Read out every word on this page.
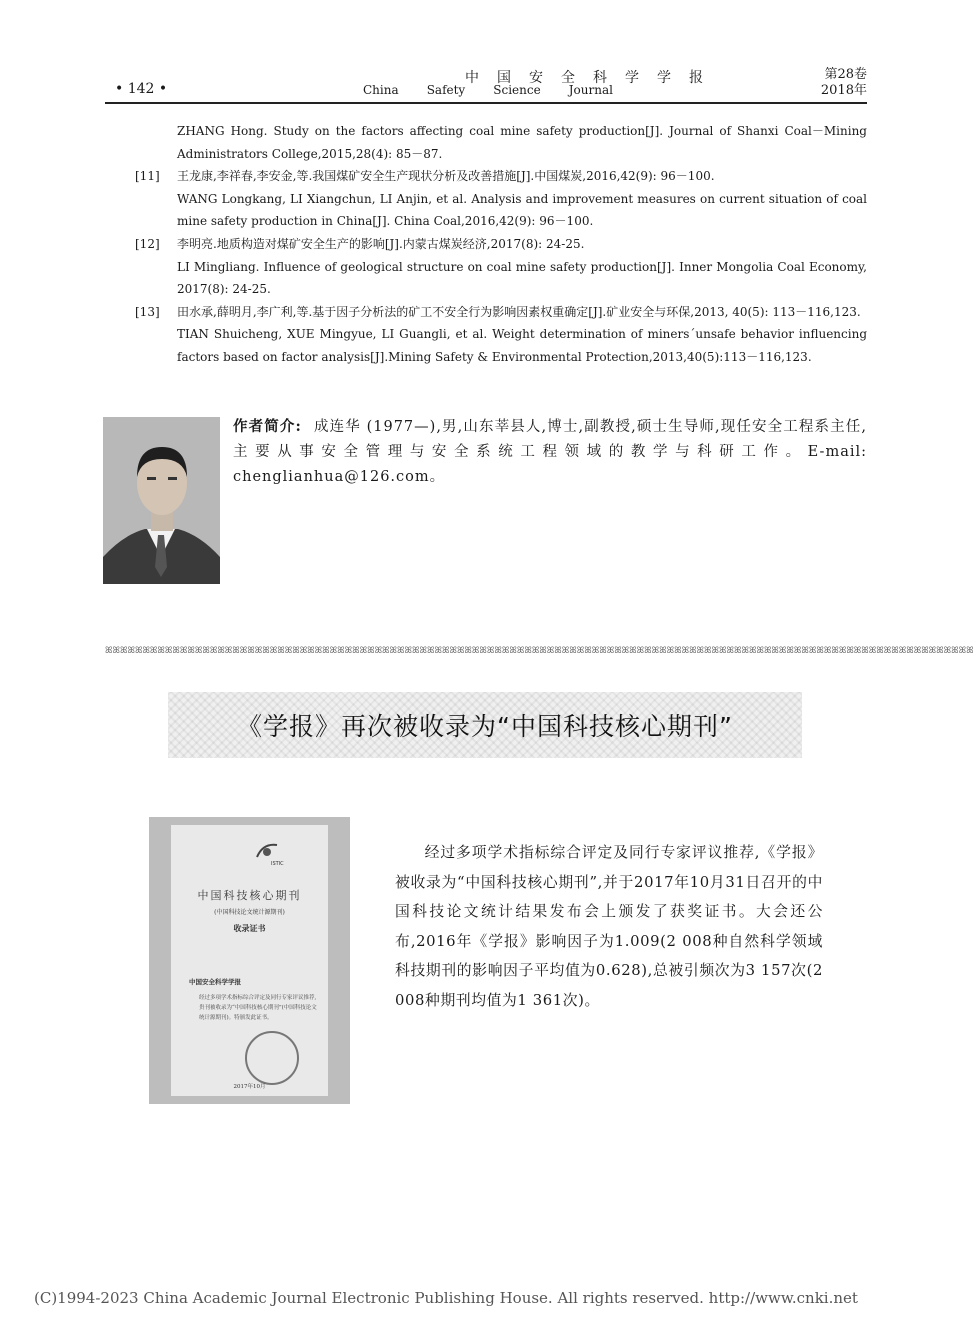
• 142 •
中国安全科学学报
China Safety Science Journal
第28卷
2018年

ZHANG Hong. Study on the factors affecting coal mine safety production[J]. Journal of Shanxi Coal－Mining Administrators College,2015,28(4): 85－87.

[11] 王龙康,李祥春,李安金,等.我国煤矿安全生产现状分析及改善措施[J].中国煤炭,2016,42(9): 96－100.

WANG Longkang, LI Xiangchun, LI Anjin, et al. Analysis and improvement measures on current situation of coal mine safety production in China[J]. China Coal,2016,42(9): 96－100.

[12] 李明亮.地质构造对煤矿安全生产的影响[J].内蒙古煤炭经济,2017(8): 24-25.

LI Mingliang. Influence of geological structure on coal mine safety production[J]. Inner Mongolia Coal Economy, 2017(8): 24-25.

[13] 田水承,薛明月,李广利,等.基于因子分析法的矿工不安全行为影响因素权重确定[J].矿业安全与环保,2013, 40(5): 113－116,123.

TIAN Shuicheng, XUE Mingyue, LI Guangli, et al. Weight determination of miners´unsafe behavior influencing factors based on factor analysis[J].Mining Safety & Environmental Protection,2013,40(5):113－116,123.

作者简介: 成连华 (1977—),男,山东莘县人,博士,副教授,硕士生导师,现任安全工程系主任,主要从事安全管理与安全系统工程领域的教学与科研工作。E-mail: chenglianhua@126.com。
ꕤꕤꕤꕤꕤꕤꕤꕤꕤꕤꕤꕤꕤꕤꕤꕤꕤꕤꕤꕤꕤꕤꕤꕤꕤꕤꕤꕤꕤꕤꕤꕤꕤꕤꕤꕤꕤꕤꕤꕤꕤꕤꕤꕤꕤꕤꕤꕤꕤꕤꕤꕤꕤꕤꕤꕤꕤꕤꕤꕤꕤꕤꕤꕤꕤꕤꕤꕤꕤꕤꕤꕤꕤꕤꕤꕤꕤꕤꕤꕤꕤꕤꕤꕤꕤꕤꕤꕤꕤꕤꕤꕤꕤꕤꕤꕤꕤꕤꕤꕤꕤꕤꕤꕤꕤꕤꕤꕤꕤꕤꕤꕤꕤꕤꕤꕤ
《学报》再次被收录为“中国科技核心期刊”
ISTIC
中国科技核心期刊
(中国科技论文统计源期刊)
收录证书
中国安全科学学报
经过多项学术指标综合评定及同行专家评议推荐,贵刊被收录为“中国科技核心期刊”(中国科技论文统计源期刊)。特颁发此证书。
2017年10月

经过多项学术指标综合评定及同行专家评议推荐,《学报》被收录为“中国科技核心期刊”,并于2017年10月31日召开的中国科技论文统计结果发布会上颁发了获奖证书。大会还公布,2016年《学报》影响因子为1.009(2 008种自然科学领域科技期刊的影响因子平均值为0.628),总被引频次为3 157次(2 008种期刊均值为1 361次)。

(C)1994-2023 China Academic Journal Electronic Publishing House. All rights reserved. http://www.cnki.net
